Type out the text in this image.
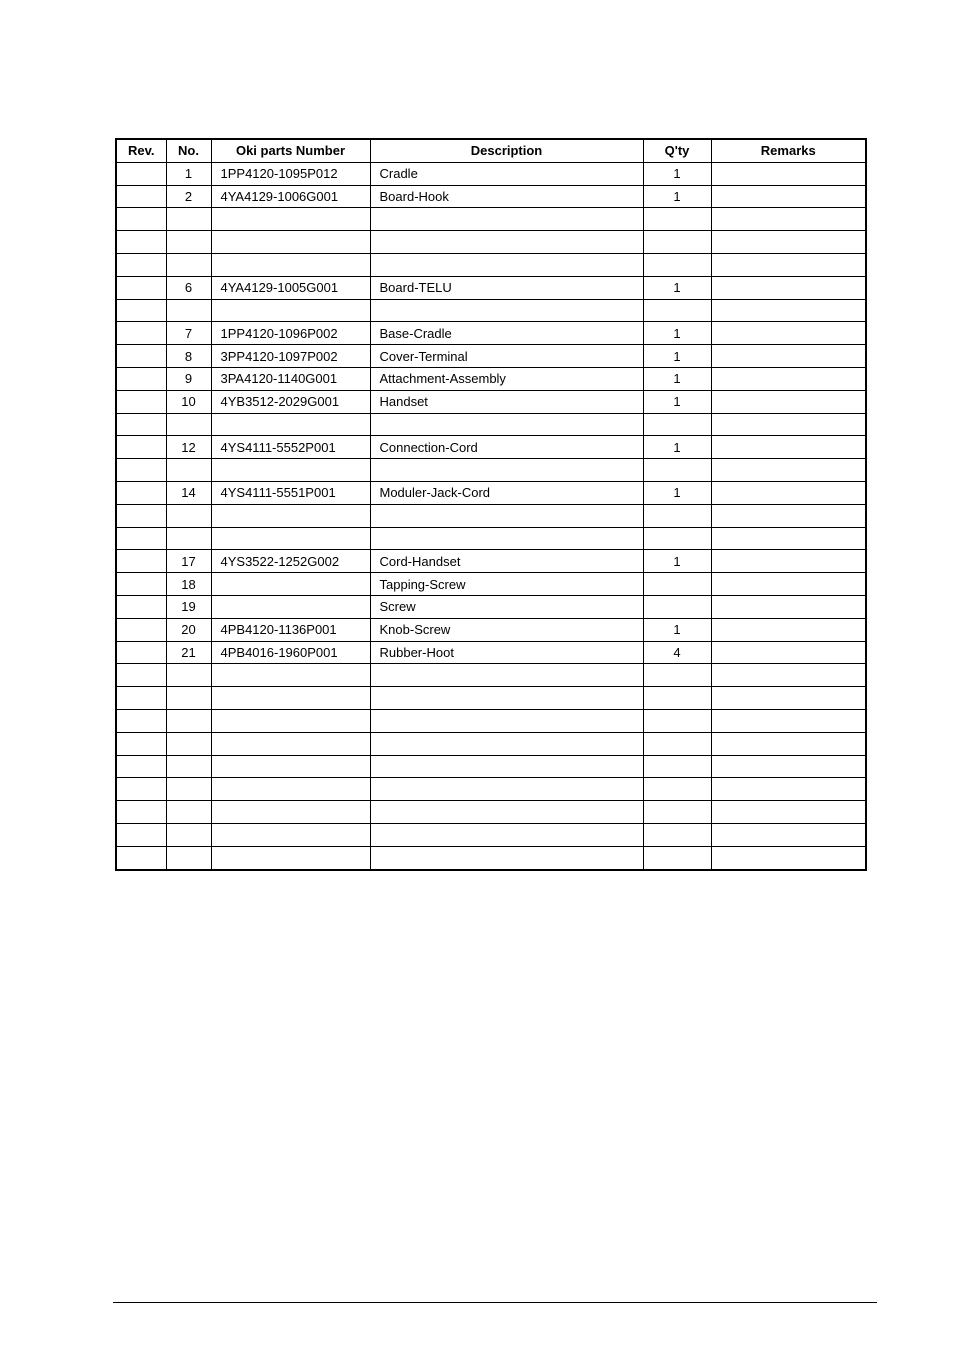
Rev.	No.	Oki parts Number	Description	Q'ty	Remarks
	1	1PP4120-1095P012	Cradle	1	
	2	4YA4129-1006G001	Board-Hook	1	

	6	4YA4129-1005G001	Board-TELU	1	

	7	1PP4120-1096P002	Base-Cradle	1	
	8	3PP4120-1097P002	Cover-Terminal	1	
	9	3PA4120-1140G001	Attachment-Assembly	1	
	10	4YB3512-2029G001	Handset	1	

	12	4YS4111-5552P001	Connection-Cord	1	

	14	4YS4111-5551P001	Moduler-Jack-Cord	1	

	17	4YS3522-1252G002	Cord-Handset	1	
	18		Tapping-Screw		
	19		Screw		
	20	4PB4120-1136P001	Knob-Screw	1	
	21	4PB4016-1960P001	Rubber-Hoot	4	
